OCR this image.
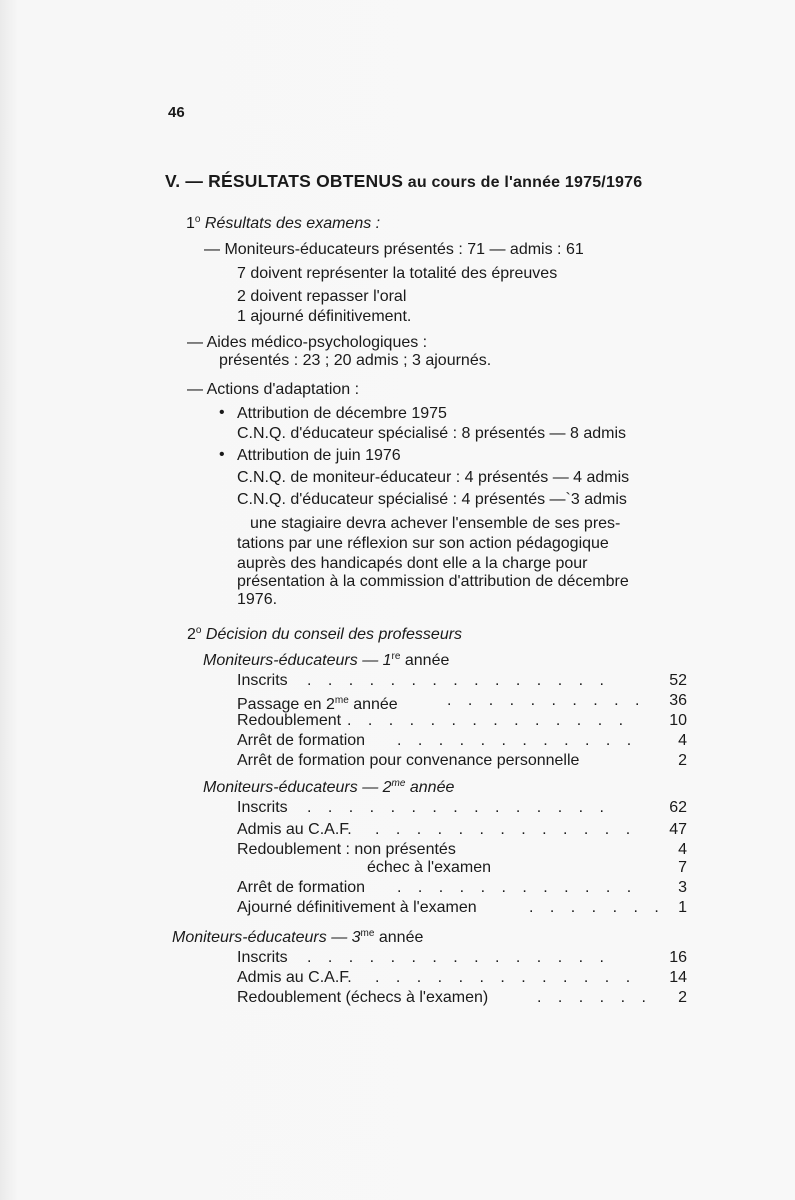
46
V. — RÉSULTATS OBTENUS au cours de l'année 1975/1976
1$^o$ Résultats des examens :
— Moniteurs-éducateurs présentés : 71 — admis : 61
7 doivent représenter la totalité des épreuves
2 doivent repasser l'oral
1 ajourné définitivement.
— Aides médico-psychologiques :
présentés : 23 ; 20 admis ; 3 ajournés.
— Actions d'adaptation :
• Attribution de décembre 1975
C.N.Q. d'éducateur spécialisé : 8 présentés — 8 admis
• Attribution de juin 1976
C.N.Q. de moniteur-éducateur : 4 présentés — 4 admis
C.N.Q. d'éducateur spécialisé : 4 présentés —`3 admis
une stagiaire devra achever l'ensemble de ses pres-
tations par une réflexion sur son action pédagogique
auprès des handicapés dont elle a la charge pour
présentation à la commission d'attribution de décembre
1976.
2$^o$ Décision du conseil des professeurs
Moniteurs-éducateurs — 1re année
Inscrits . . . . . . . . . . . . . . .	52
Passage en $2^{me}$ année	. . . . . . . . . . 36
Redoublement . . . . . . . . . . . . . .	10
Arrêt de formation . . . . . . . . . . . .	4
Arrêt de formation pour convenance personnelle	2
Moniteurs-éducateurs — $2^{me}$ année
Inscrits . . . . . . . . . . . . . . .	62
Admis au C.A.F. . . . . . . . . . . . . . 47
Redoublement : non présentés	4
échec à l'examen	7
Arrêt de formation . . . . . . . . . . . .	3
Ajourné définitivement à l'examen	. . . . . . . 1
Moniteurs-éducateurs — $3^{me}$ année
Inscrits . . . . . . . . . . . . . . .	16
Admis au C.A.F. . . . . . . . . . . . . . 14
Redoublement (échecs à l'examen)	. . . . . . 2
